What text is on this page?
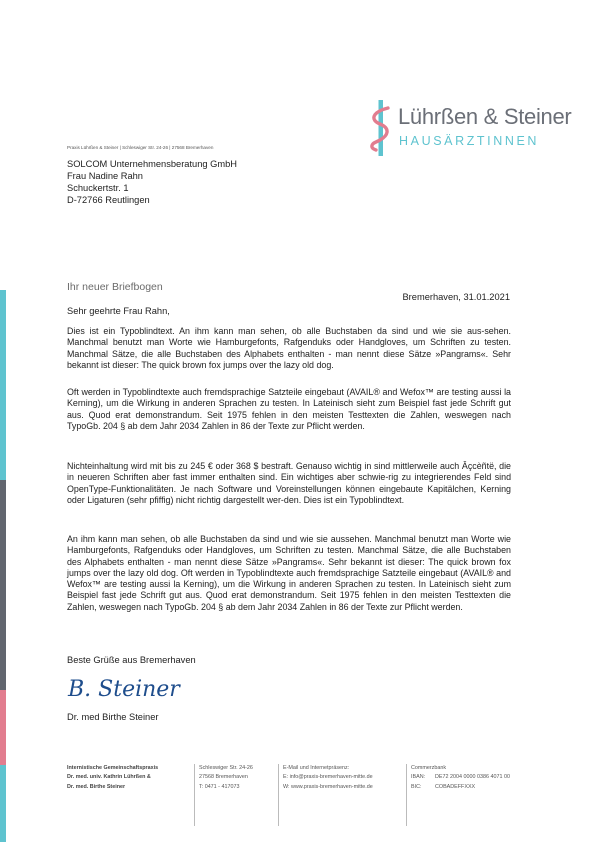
Lührßen & Steiner
HAUSÄRZTINNEN
Praxis Lührßen & Steiner | Schleswiger Str. 24-26 | 27568 Bremerhaven
SOLCOM Unternehmensberatung GmbH
Frau Nadine Rahn
Schuckertstr. 1
D-72766 Reutlingen
Ihr neuer Briefbogen
Bremerhaven, 31.01.2021
Sehr geehrte Frau Rahn,
Dies ist ein Typoblindtext. An ihm kann man sehen, ob alle Buchstaben da sind und wie sie aus-sehen. Manchmal benutzt man Worte wie Hamburgefonts, Rafgenduks oder Handgloves, um Schriften zu testen. Manchmal Sätze, die alle Buchstaben des Alphabets enthalten - man nennt diese Sätze »Pangrams«. Sehr bekannt ist dieser: The quick brown fox jumps over the lazy old dog.
Oft werden in Typoblindtexte auch fremdsprachige Satzteile eingebaut (AVAIL® and Wefox™ are testing aussi la Kerning), um die Wirkung in anderen Sprachen zu testen. In Lateinisch sieht zum Beispiel fast jede Schrift gut aus. Quod erat demonstrandum. Seit 1975 fehlen in den meisten Testtexten die Zahlen, weswegen nach TypoGb. 204 § ab dem Jahr 2034 Zahlen in 86 der Texte zur Pflicht werden.
Nichteinhaltung wird mit bis zu 245 € oder 368 $ bestraft. Genauso wichtig in sind mittlerweile auch Âçcèñtë, die in neueren Schriften aber fast immer enthalten sind. Ein wichtiges aber schwie-rig zu integrierendes Feld sind OpenType-Funktionalitäten. Je nach Software und Voreinstellungen können eingebaute Kapitälchen, Kerning oder Ligaturen (sehr pfiffig) nicht richtig dargestellt wer-den. Dies ist ein Typoblindtext.
An ihm kann man sehen, ob alle Buchstaben da sind und wie sie aussehen. Manchmal benutzt man Worte wie Hamburgefonts, Rafgenduks oder Handgloves, um Schriften zu testen. Manchmal Sätze, die alle Buchstaben des Alphabets enthalten - man nennt diese Sätze »Pangrams«. Sehr bekannt ist dieser: The quick brown fox jumps over the lazy old dog. Oft werden in Typoblindtexte auch fremdsprachige Satzteile eingebaut (AVAIL® and Wefox™ are testing aussi la Kerning), um die Wirkung in anderen Sprachen zu testen. In Lateinisch sieht zum Beispiel fast jede Schrift gut aus. Quod erat demonstrandum. Seit 1975 fehlen in den meisten Testtexten die Zahlen, weswegen nach TypoGb. 204 § ab dem Jahr 2034 Zahlen in 86 der Texte zur Pflicht werden.
Beste Grüße aus Bremerhaven
B. Steiner
Dr. med Birthe Steiner
Internistische Gemeinschaftspraxis
Dr. med. univ. Kathrin Lührßen &
Dr. med. Birthe Steiner
Schleswiger Str. 24-26
27568 Bremerhaven
T: 0471 - 417073
E-Mail und Internetpräsenz:
E: info@praxis-bremerhaven-mitte.de
W: www.praxis-bremerhaven-mitte.de
Commerzbank
IBAN: DE72 2004 0000 0386 4071 00
BIC:	COBADEFFXXX
